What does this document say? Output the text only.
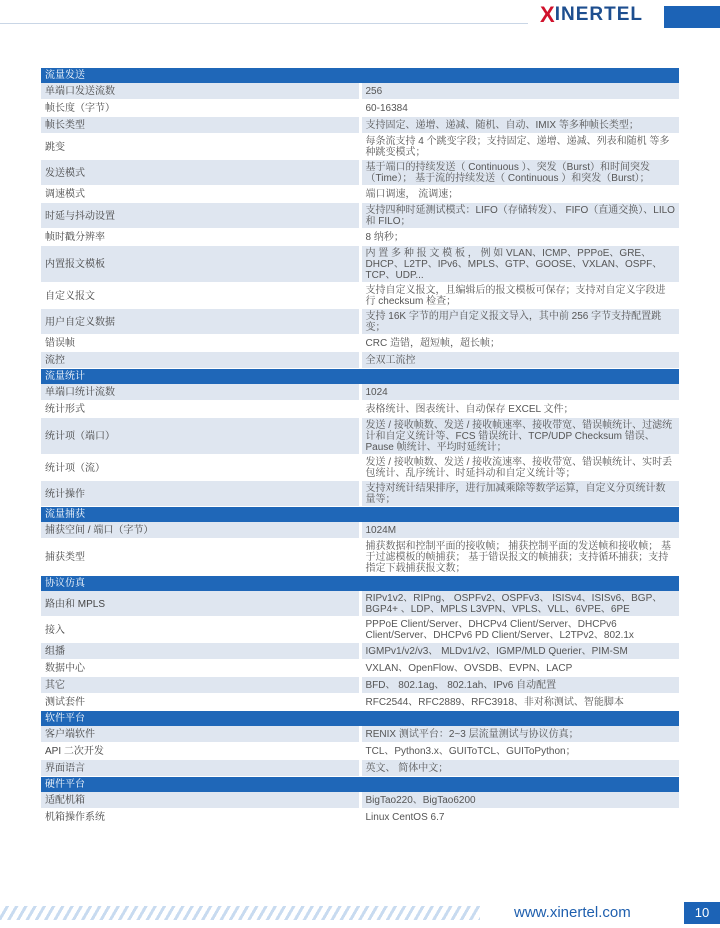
X INERTEL
流量发送	
单端口发送流数	256
帧长度（字节）	60-16384
帧长类型	支持固定、递增、递减、随机、自动、IMIX 等多种帧长类型；
跳变	每条流支持 4 个跳变字段；支持固定、递增、递减、列表和随机 等多种跳变模式；
发送模式	基于端口的持续发送（ Continuous ）、突发（Burst）和时间突发（Time）； 基于流的持续发送（ Continuous ）和突发（Burst）；
调速模式	端口调速， 流调速；
时延与抖动设置	支持四种时延测试模式：LIFO（存储转发）、 FIFO（直通交换）、LILO 和 FILO；
帧时戳分辨率	8 纳秒；
内置报文模板	内 置 多 种 报 文 模 板 ， 例 如 VLAN、ICMP、PPPoE、GRE、DHCP、L2TP、IPv6、MPLS、GTP、GOOSE、VXLAN、OSPF、TCP、UDP...
自定义报文	支持自定义报文，且编辑后的报文模板可保存；支持对自定义字段进行 checksum 检查；
用户自定义数据	支持 16K 字节的用户自定义报文导入，其中前 256 字节支持配置跳变；
错误帧	CRC 造错，超短帧，超长帧；
流控	全双工流控
流量统计	
单端口统计流数	1024
统计形式	表格统计、图表统计、自动保存 EXCEL 文件；
统计项（端口）	发送 / 接收帧数、发送 / 接收帧速率、接收带宽、错误帧统计、过滤统计和自定义统计等、FCS 错误统计、TCP/UDP Checksum 错误、Pause 帧统计、平均时延统计；
统计项（流）	发送 / 接收帧数、发送 / 接收流速率、接收带宽、错误帧统计、实时丢包统计、乱序统计、时延抖动和自定义统计等；
统计操作	支持对统计结果排序，进行加减乘除等数学运算，自定义分页统计数量等；
流量捕获	
捕获空间 / 端口（字节）	1024M
捕获类型	捕获数据和控制平面的接收帧； 捕获控制平面的发送帧和接收帧； 基于过滤模板的帧捕获； 基于错误报文的帧捕获；支持循环捕获；支持指定下载捕获报文数；
协议仿真	
路由和 MPLS	RIPv1v2、RIPng、 OSPFv2、OSPFv3、 ISISv4、ISISv6、BGP、 BGP4+ 、LDP、MPLS L3VPN、VPLS、VLL、6VPE、6PE
接入	PPPoE Client/Server、DHCPv4 Client/Server、DHCPv6 Client/Server、DHCPv6 PD Client/Server、L2TPv2、802.1x
组播	IGMPv1/v2/v3、 MLDv1/v2、IGMP/MLD Querier、PIM-SM
数据中心	VXLAN、OpenFlow、OVSDB、EVPN、LACP
其它	BFD、 802.1ag、 802.1ah、IPv6 自动配置
测试套件	RFC2544、RFC2889、RFC3918、非对称测试、智能脚本
软件平台	
客户端软件	RENIX 测试平台：2~3 层流量测试与协议仿真；
API 二次开发	TCL、Python3.x、GUIToTCL、GUIToPython；
界面语言	英文、 简体中文；
硬件平台	
适配机箱	BigTao220、BigTao6200
机箱操作系统	Linux CentOS 6.7
www.xinertel.com	10
